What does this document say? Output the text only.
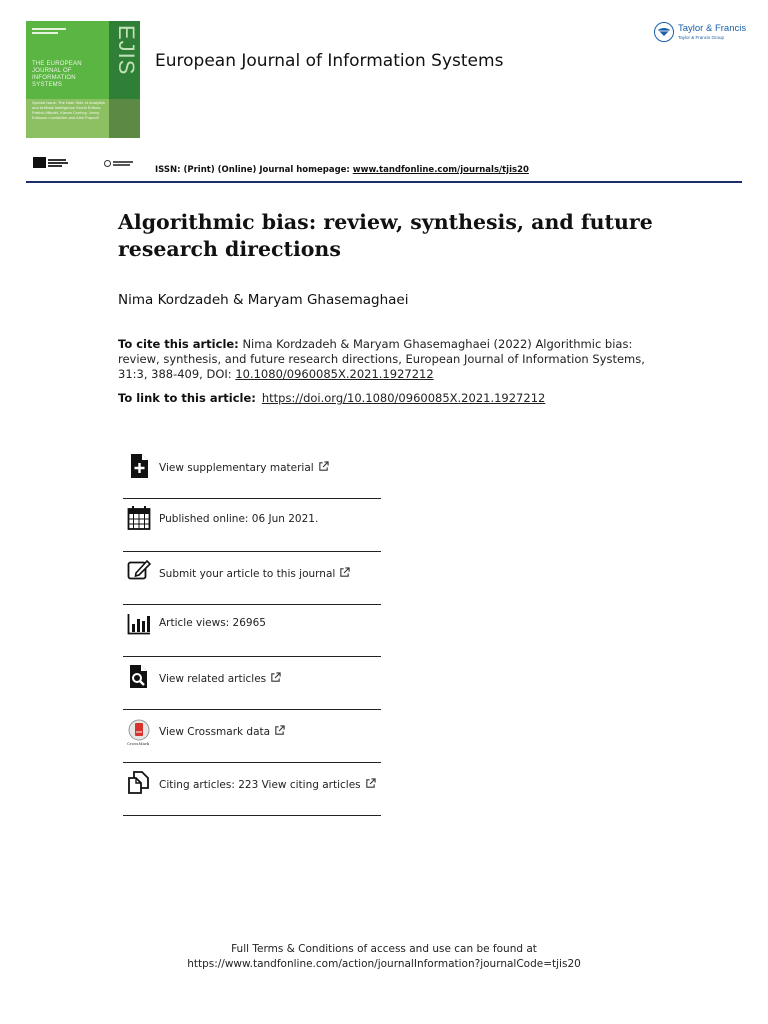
THE EUROPEAN JOURNAL OF INFORMATION SYSTEMS
Special Issue: The Dark Side of Analytics and Artificial Intelligence Guest Editors: Patrick Mikalef, Kieran Conboy, Jenny Eriksson Lundström and Aleš Popovič
EJIS European Journal of Information Systems
Taylor & Francis
Taylor & Francis Group
ISSN: (Print) (Online) Journal homepage: www.tandfonline.com/journals/tjis20
Algorithmic bias: review, synthesis, and future research directions
Nima Kordzadeh & Maryam Ghasemaghaei
To cite this article: Nima Kordzadeh & Maryam Ghasemaghaei (2022) Algorithmic bias: review, synthesis, and future research directions, European Journal of Information Systems, 31:3, 388-409, DOI: 10.1080/0960085X.2021.1927212
To link to this article: https://doi.org/10.1080/0960085X.2021.1927212
View supplementary material
Published online: 06 Jun 2021.
Submit your article to this journal
Article views: 26965
View related articles
CrossMark
View Crossmark data
Citing articles: 223 View citing articles
Full Terms & Conditions of access and use can be found at
https://www.tandfonline.com/action/journalInformation?journalCode=tjis20
